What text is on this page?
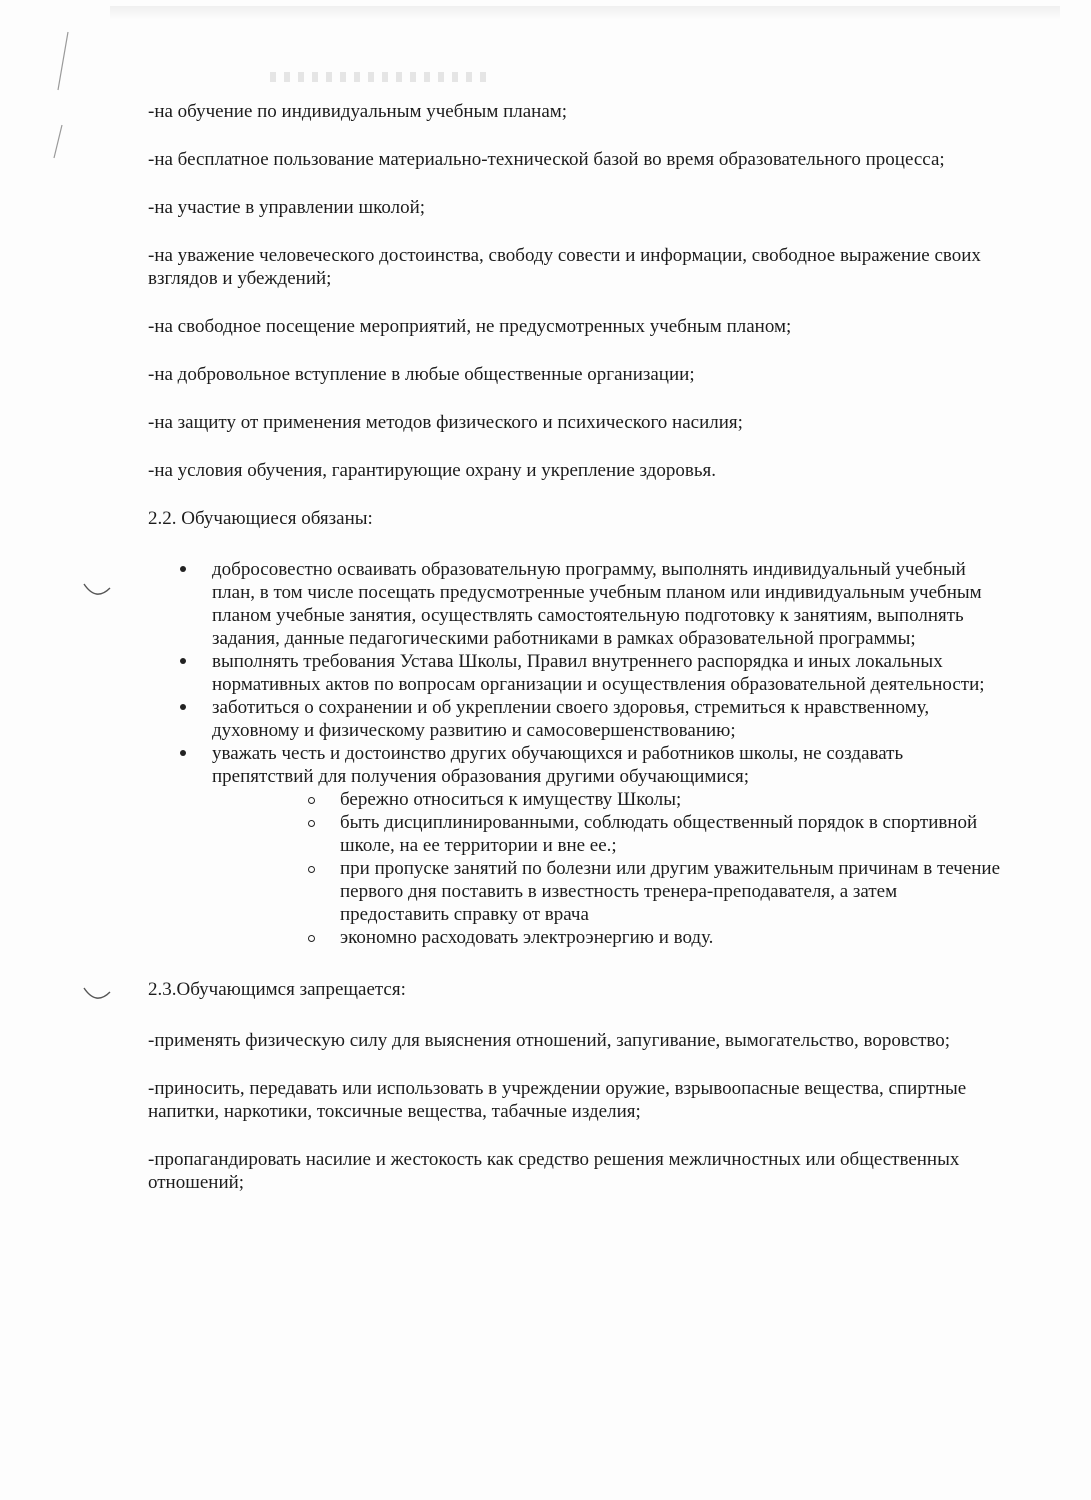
-на обучение по индивидуальным учебным планам;

-на бесплатное пользование материально-технической базой во время образовательного процесса;

-на участие в управлении школой;

-на уважение человеческого достоинства, свободу совести и информации, свободное выражение своих взглядов и убеждений;

-на свободное посещение мероприятий, не предусмотренных учебным планом;

-на добровольное вступление в любые общественные организации;

-на защиту от применения методов физического и психического насилия;

-на условия обучения, гарантирующие охрану и укрепление здоровья.

2.2. Обучающиеся обязаны:

добросовестно осваивать образовательную программу, выполнять индивидуальный учебный план, в том числе посещать предусмотренные учебным планом или индивидуальным учебным планом учебные занятия, осуществлять самостоятельную подготовку к занятиям, выполнять задания, данные педагогическими работниками в рамках образовательной программы;
выполнять требования Устава Школы, Правил внутреннего распорядка и иных локальных нормативных актов по вопросам организации и осуществления образовательной деятельности;
заботиться о сохранении и об укреплении своего здоровья, стремиться к нравственному, духовному и физическому развитию и самосовершенствованию;
уважать честь и достоинство других обучающихся и работников школы, не создавать препятствий для получения образования другими обучающимися;
бережно относиться к имуществу Школы;
быть дисциплинированными, соблюдать общественный порядок в спортивной школе, на ее территории и вне ее.;
при пропуске занятий по болезни или другим уважительным причинам в течение первого дня поставить в известность тренера-преподавателя, а затем предоставить справку от врача
экономно расходовать электроэнергию и воду.

2.3.Обучающимся запрещается:

-применять физическую силу для выяснения отношений, запугивание, вымогательство, воровство;

-приносить, передавать или использовать в учреждении оружие, взрывоопасные вещества, спиртные напитки, наркотики, токсичные вещества, табачные изделия;

-пропагандировать насилие и жестокость как средство решения межличностных или общественных отношений;
